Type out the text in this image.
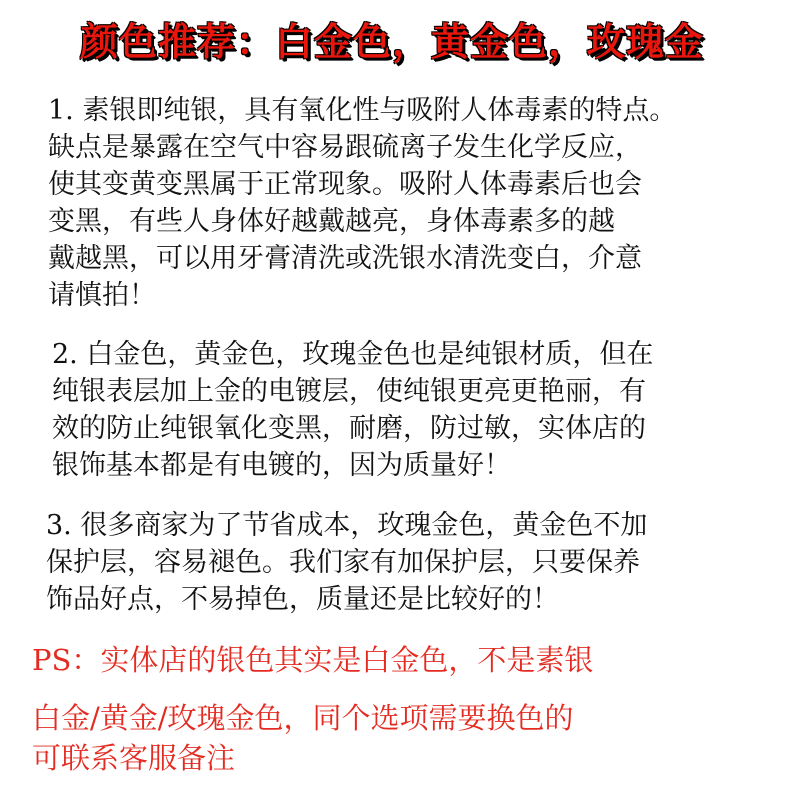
颜色推荐：白金色，黄金色，玫瑰金
1. 素银即纯银，具有氧化性与吸附人体毒素的特点。
缺点是暴露在空气中容易跟硫离子发生化学反应，
使其变黄变黑属于正常现象。吸附人体毒素后也会
变黑，有些人身体好越戴越亮，身体毒素多的越
戴越黑，可以用牙膏清洗或洗银水清洗变白，介意
请慎拍！
2. 白金色，黄金色，玫瑰金色也是纯银材质，但在
纯银表层加上金的电镀层，使纯银更亮更艳丽，有
效的防止纯银氧化变黑，耐磨，防过敏，实体店的
银饰基本都是有电镀的，因为质量好！
3. 很多商家为了节省成本，玫瑰金色，黄金色不加
保护层，容易褪色。我们家有加保护层，只要保养
饰品好点，不易掉色，质量还是比较好的！
PS：实体店的银色其实是白金色，不是素银
白金/黄金/玫瑰金色，同个选项需要换色的
可联系客服备注
